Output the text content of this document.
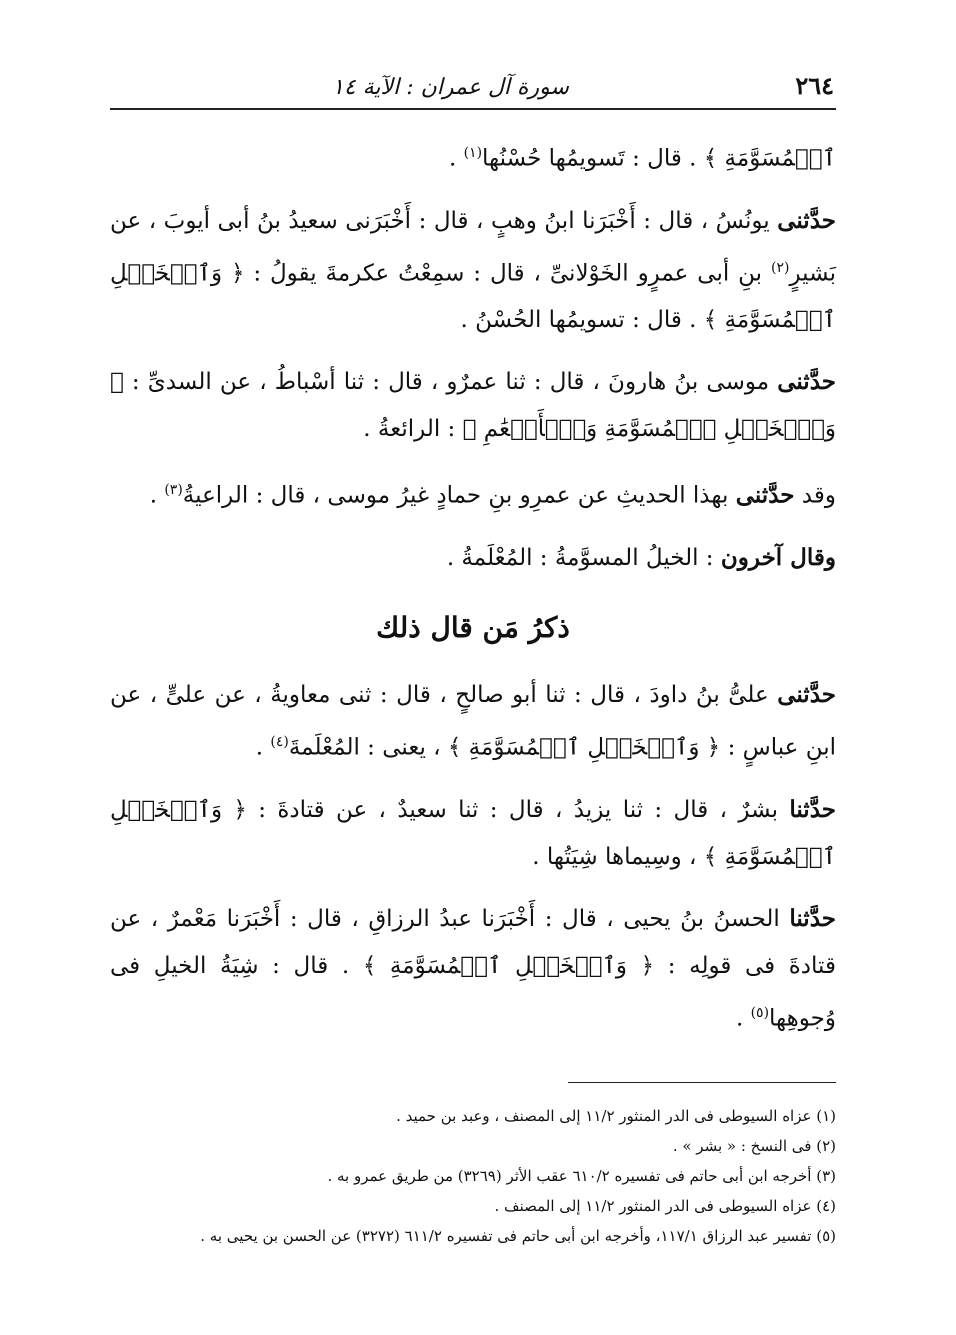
٢٦٤
سورة آل عمران : الآية ١٤

ٱلۡمُسَوَّمَةِ ﴾ . قال : تَسويمُها حُسْنُها$^{(١)}$ .

حدَّثنى يونُسُ ، قال : أَخْبَرَنا ابنُ وهبٍ ، قال : أَخْبَرَنى سعيدُ بنُ أبى أيوبَ ، عن بَشيرٍ$^{(٢)}$ بنِ أبى عمرٍو الخَوْلانىِّ ، قال : سمِعْتُ عكرمةَ يقولُ : ﴿ وَٱلۡخَيۡلِ ٱلۡمُسَوَّمَةِ ﴾ . قال : تسويمُها الحُسْنُ .

حدَّثنى موسى بنُ هارونَ ، قال : ثنا عمرٌو ، قال : ثنا أسْباطُ ، عن السدىِّ : ﴿ وَٱلۡخَيۡلِ ٱلۡمُسَوَّمَةِ وَٱلۡأَنۡعَٰمِ ﴾ : الرائعةُ .

وقد حدَّثنى بهذا الحديثِ عن عمرِو بنِ حمادٍ غيرُ موسى ، قال : الراعيةُ$^{(٣)}$ .

وقال آخرون : الخيلُ المسوَّمةُ : المُعْلَمةُ .

ذكرُ مَن قال ذلك

حدَّثنى علىُّ بنُ داودَ ، قال : ثنا أبو صالحٍ ، قال : ثنى معاويةُ ، عن علىٍّ ، عن ابنِ عباسٍ : ﴿ وَٱلۡخَيۡلِ ٱلۡمُسَوَّمَةِ ﴾ ، يعنى : المُعْلَمةَ$^{(٤)}$ .

حدَّثنا بشرٌ ، قال : ثنا يزيدُ ، قال : ثنا سعيدٌ ، عن قتادةَ : ﴿ وَٱلۡخَيۡلِ ٱلۡمُسَوَّمَةِ ﴾ ، وسِيماها شِيَتُها .

حدَّثنا الحسنُ بنُ يحيى ، قال : أَخْبَرَنا عبدُ الرزاقِ ، قال : أَخْبَرَنا مَعْمرٌ ، عن قتادةَ فى قولِه : ﴿ وَٱلۡخَيۡلِ ٱلۡمُسَوَّمَةِ ﴾ . قال : شِيَةُ الخيلِ فى وُجوهِها$^{(٥)}$ .

(١) عزاه السيوطى فى الدر المنثور ١١/٢ إلى المصنف ، وعبد بن حميد .
(٢) فى النسخ : « بشر » .
(٣) أخرجه ابن أبى حاتم فى تفسيره ٦١٠/٢ عقب الأثر (٣٢٦٩) من طريق عمرو به .
(٤) عزاه السيوطى فى الدر المنثور ١١/٢ إلى المصنف .
(٥) تفسير عبد الرزاق ١١٧/١، وأخرجه ابن أبى حاتم فى تفسيره ٦١١/٢ (٣٢٧٢) عن الحسن بن يحيى به .
